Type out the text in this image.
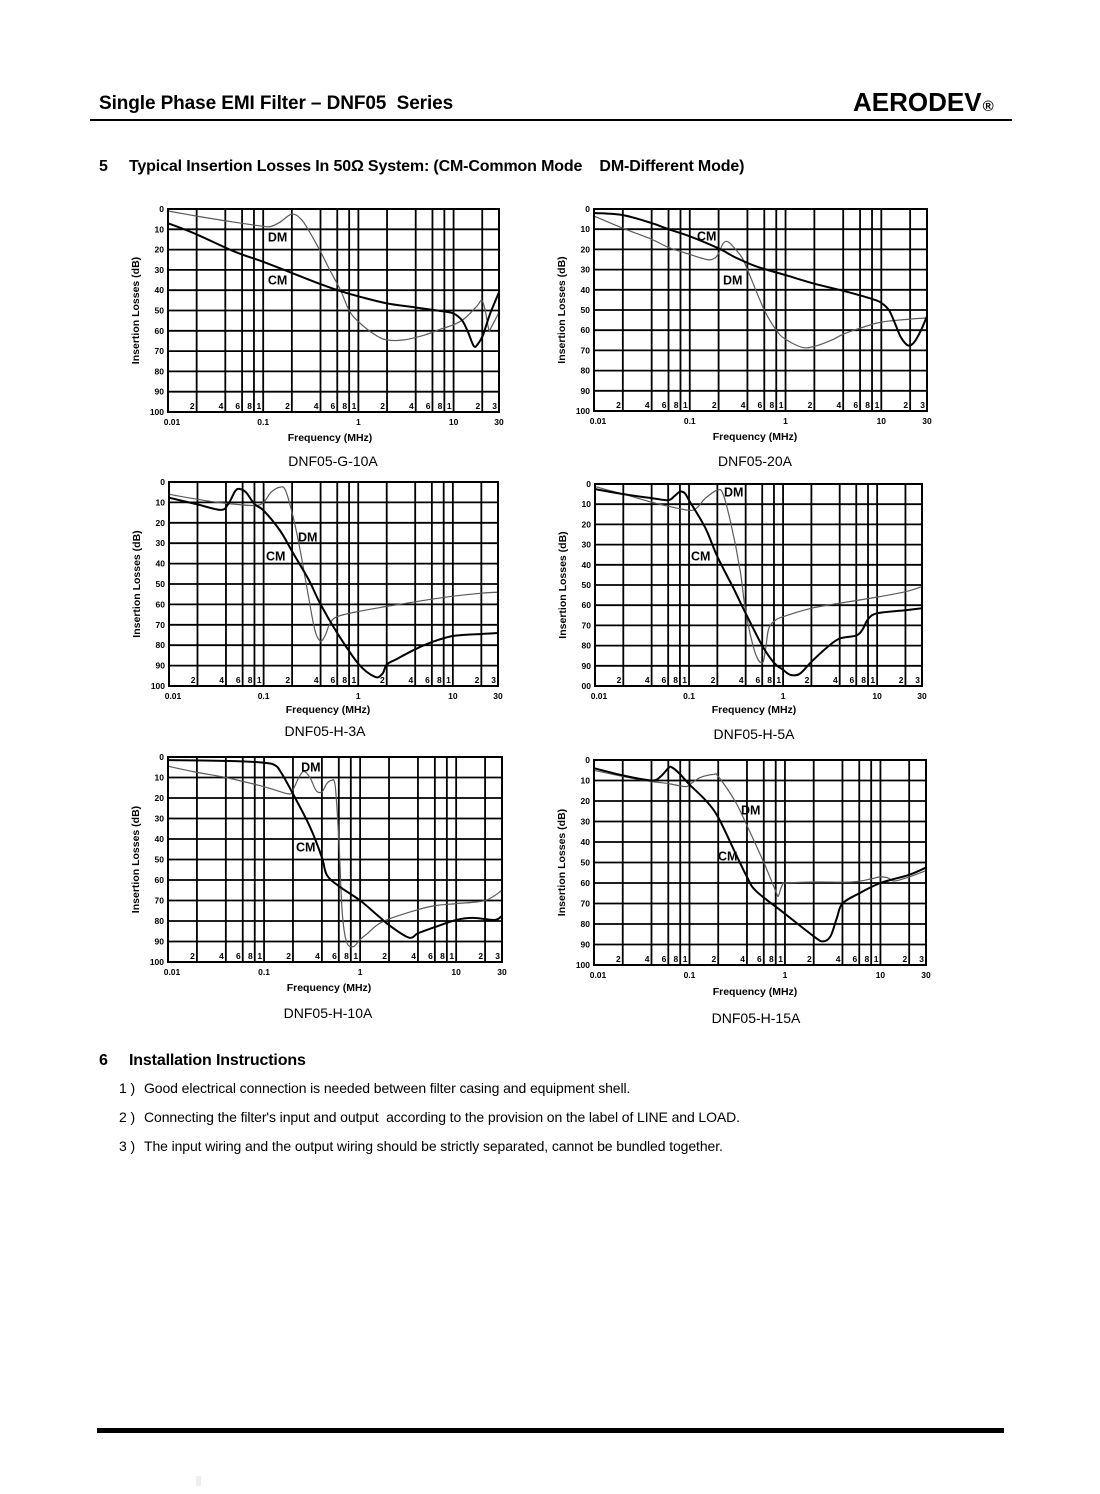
Single Phase EMI Filter – DNF05  Series	AERODEV®
5 Typical Insertion Losses In 50Ω System: (CM-Common Mode    DM-Different Mode)
2	4 6 8 1	2	4 6 8 1	2	4 6 8 1	2 3
0.01	0.1	1	10	30
0
10
20
30
40
50
60
70
80
90
100
Insertion Losses (dB)
Frequency (MHz)
DM
CM
DNF05-G-10A
2	4 6 8 1	2	4 6 8 1	2	4 6 8 1	2 3
0.01	0.1	1	10	30
0
10
20
30
40
50
60
70
80
90
100
Insertion Losses (dB)
Frequency (MHz)
CM
DM
DNF05-20A
2	4 6 8 1	2	4 6 8 1	2	4 6 8 1	2 3
0.01	0.1	1	10	30
0
10
20
30
40
50
60
70
80
90
100
Insertion Losses (dB)
Frequency (MHz)
DM
CM
DNF05-H-3A
2	4 6 8 1	2	4 6 8 1	2	4 6 8 1	2 3
0.01	0.1	1	10	30
0
10
20
30
40
50
60
70
80
90
00
Insertion Losses (dB)
Frequency (MHz)
DM
CM
DNF05-H-5A
2	4 6 8 1	2	4 6 8 1	2	4 6 8 1	2 3
0.01	0.1	1	10	30
0
10
20
30
40
50
60
70
80
90
100
Insertion Losses (dB)
Frequency (MHz)
DM
CM
DNF05-H-10A
2	4 6 8 1	2	4 6 8 1	2	4 6 8 1	2 3
0.01	0.1	1	10	30
0
10
20
30
40
50
60
70
80
90
100
Insertion Losses (dB)
Frequency (MHz)
DM
CM
DNF05-H-15A
6 Installation Instructions
1 ) Good electrical connection is needed between filter casing and equipment shell.
2 ) Connecting the filter's input and output  according to the provision on the label of LINE and LOAD.
3 ) The input wiring and the output wiring should be strictly separated, cannot be bundled together.
